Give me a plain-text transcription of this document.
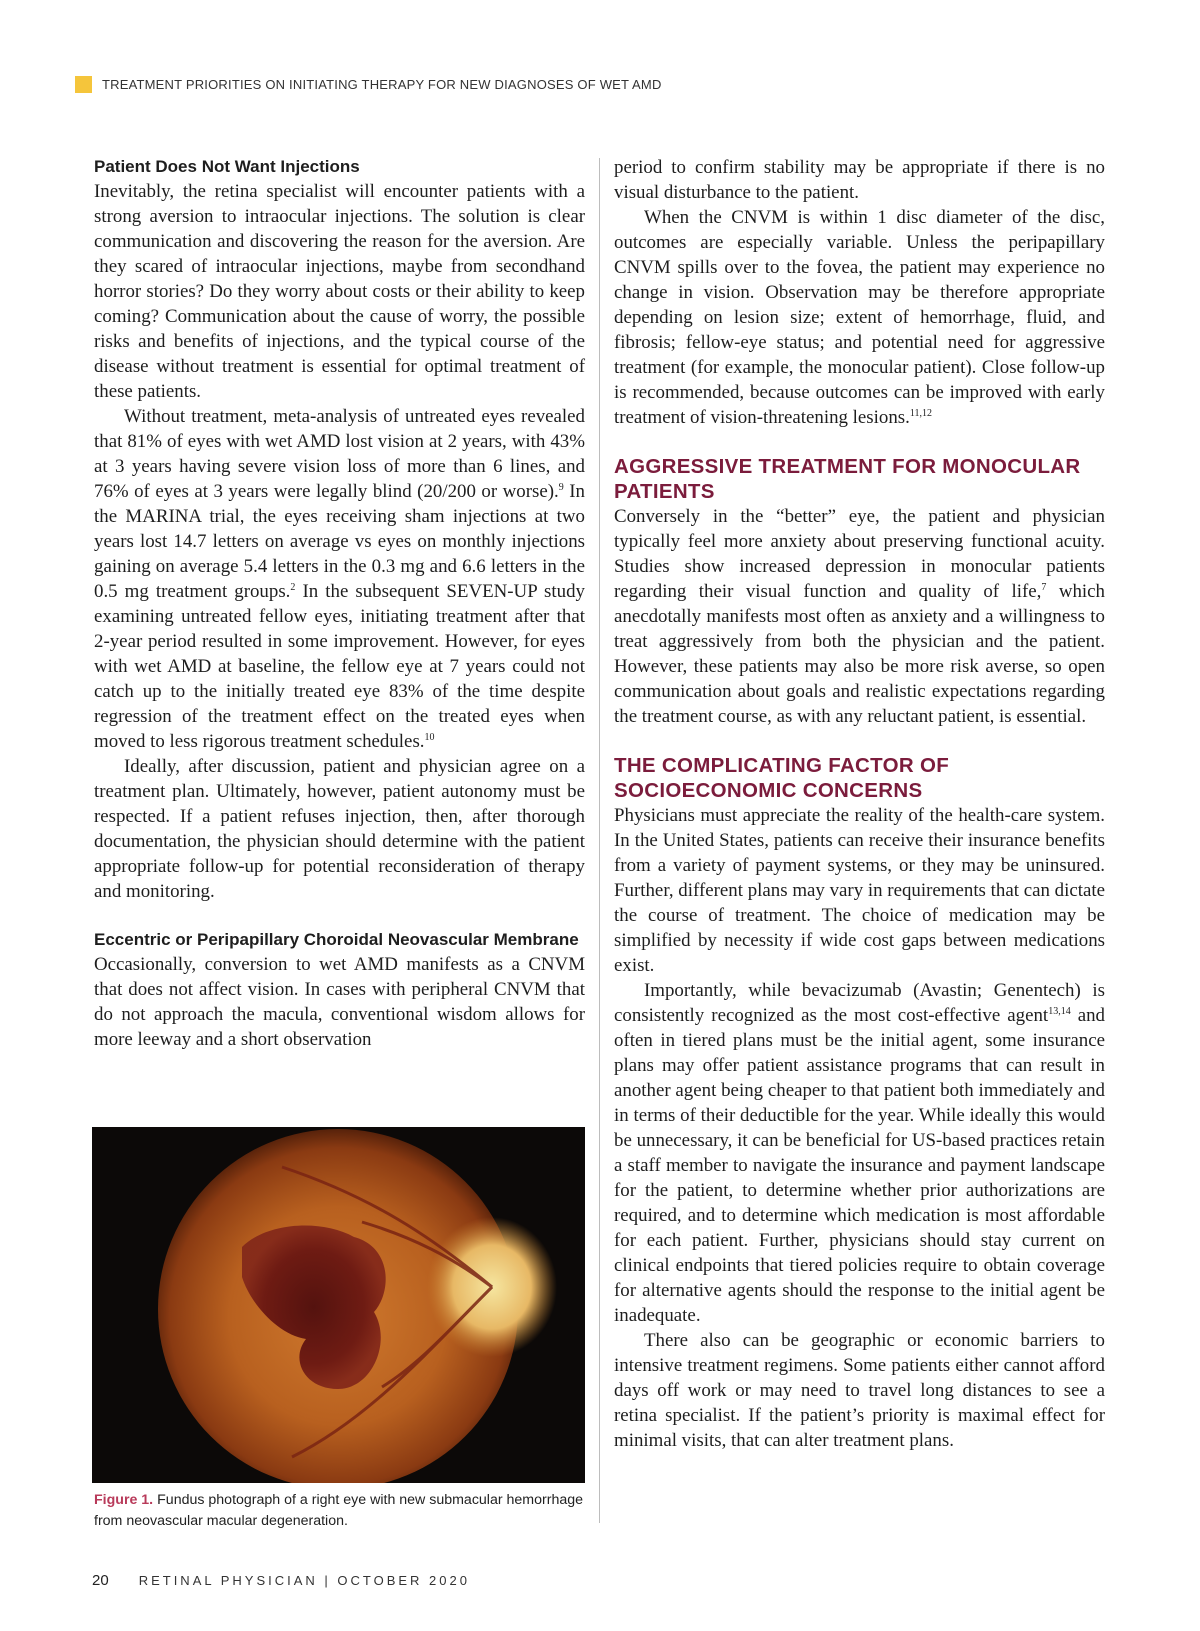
TREATMENT PRIORITIES ON INITIATING THERAPY FOR NEW DIAGNOSES OF WET AMD
Patient Does Not Want Injections

Inevitably, the retina specialist will encounter patients with a strong aversion to intraocular injections. The solution is clear communication and discovering the reason for the aversion. Are they scared of intraocular injections, maybe from secondhand horror stories? Do they worry about costs or their ability to keep coming? Communication about the cause of worry, the possible risks and benefits of injections, and the typical course of the disease without treatment is essential for optimal treatment of these patients.

Without treatment, meta-analysis of untreated eyes revealed that 81% of eyes with wet AMD lost vision at 2 years, with 43% at 3 years having severe vision loss of more than 6 lines, and 76% of eyes at 3 years were legally blind (20/200 or worse).$^9$ In the MARINA trial, the eyes receiving sham injections at two years lost 14.7 letters on average vs eyes on monthly injections gaining on average 5.4 letters in the 0.3 mg and 6.6 letters in the 0.5 mg treatment groups.$^2$ In the subsequent SEVEN-UP study examining untreated fellow eyes, initiating treatment after that 2-year period resulted in some improvement. However, for eyes with wet AMD at baseline, the fellow eye at 7 years could not catch up to the initially treated eye 83% of the time despite regression of the treatment effect on the treated eyes when moved to less rigorous treatment schedules.$^{10}$

Ideally, after discussion, patient and physician agree on a treatment plan. Ultimately, however, patient autonomy must be respected. If a patient refuses injection, then, after thorough documentation, the physician should determine with the patient appropriate follow-up for potential reconsideration of therapy and monitoring.

Eccentric or Peripapillary Choroidal Neovascular Membrane

Occasionally, conversion to wet AMD manifests as a CNVM that does not affect vision. In cases with peripheral CNVM that do not approach the macula, conventional wisdom allows for more leeway and a short observation

period to confirm stability may be appropriate if there is no visual disturbance to the patient.

When the CNVM is within 1 disc diameter of the disc, outcomes are especially variable. Unless the peripapillary CNVM spills over to the fovea, the patient may experience no change in vision. Observation may be therefore appropriate depending on lesion size; extent of hemorrhage, fluid, and fibrosis; fellow-eye status; and potential need for aggressive treatment (for example, the monocular patient). Close follow-up is recommended, because outcomes can be improved with early treatment of vision-threatening lesions.$^{11,12}$

AGGRESSIVE TREATMENT FOR MONOCULAR PATIENTS

Conversely in the “better” eye, the patient and physician typically feel more anxiety about preserving functional acuity. Studies show increased depression in monocular patients regarding their visual function and quality of life,$^7$ which anecdotally manifests most often as anxiety and a willingness to treat aggressively from both the physician and the patient. However, these patients may also be more risk averse, so open communication about goals and realistic expectations regarding the treatment course, as with any reluctant patient, is essential.

THE COMPLICATING FACTOR OF SOCIOECONOMIC CONCERNS

Physicians must appreciate the reality of the health-care system. In the United States, patients can receive their insurance benefits from a variety of payment systems, or they may be uninsured. Further, different plans may vary in requirements that can dictate the course of treatment. The choice of medication may be simplified by necessity if wide cost gaps between medications exist.

Importantly, while bevacizumab (Avastin; Genentech) is consistently recognized as the most cost-effective agent$^{13,14}$ and often in tiered plans must be the initial agent, some insurance plans may offer patient assistance programs that can result in another agent being cheaper to that patient both immediately and in terms of their deductible for the year. While ideally this would be unnecessary, it can be beneficial for US-based practices retain a staff member to navigate the insurance and payment landscape for the patient, to determine whether prior authorizations are required, and to determine which medication is most affordable for each patient. Further, physicians should stay current on clinical endpoints that tiered policies require to obtain coverage for alternative agents should the response to the initial agent be inadequate.

There also can be geographic or economic barriers to intensive treatment regimens. Some patients either cannot afford days off work or may need to travel long distances to see a retina specialist. If the patient’s priority is maximal effect for minimal visits, that can alter treatment plans.

Figure 1. Fundus photograph of a right eye with new submacular hemorrhage from neovascular macular degeneration.
20 RETINAL PHYSICIAN | OCTOBER 2020
